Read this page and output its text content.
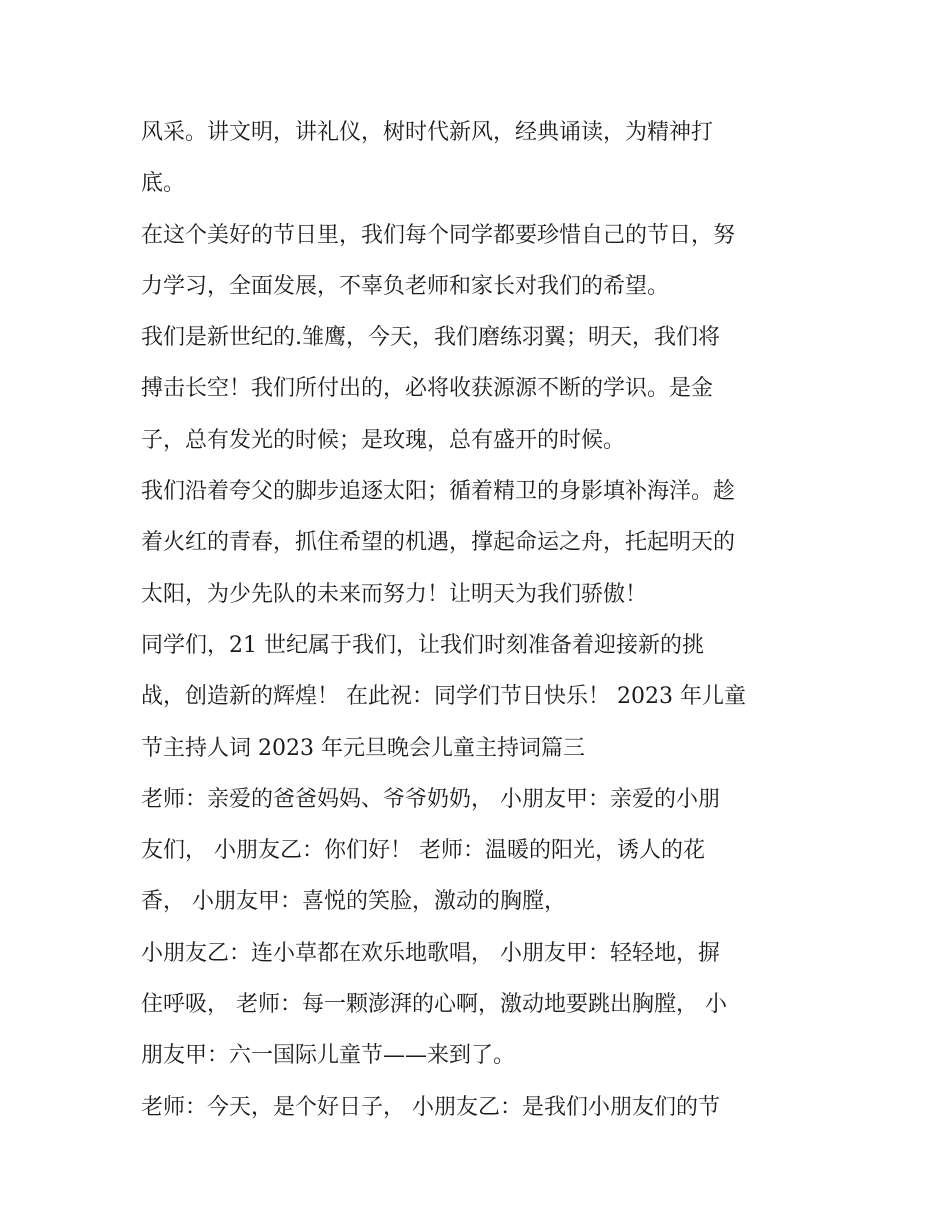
风采。讲文明，讲礼仪，树时代新风，经典诵读，为精神打
底。
在这个美好的节日里，我们每个同学都要珍惜自己的节日，努
力学习，全面发展，不辜负老师和家长对我们的希望。
我们是新世纪的.雏鹰，今天，我们磨练羽翼；明天，我们将
搏击长空！我们所付出的，必将收获源源不断的学识。是金
子，总有发光的时候；是玫瑰，总有盛开的时候。
我们沿着夸父的脚步追逐太阳；循着精卫的身影填补海洋。趁
着火红的青春，抓住希望的机遇，撑起命运之舟，托起明天的
太阳，为少先队的未来而努力！让明天为我们骄傲！
同学们，21 世纪属于我们，让我们时刻准备着迎接新的挑
战，创造新的辉煌！ 在此祝：同学们节日快乐！ 2023 年儿童
节主持人词 2023 年元旦晚会儿童主持词篇三
老师：亲爱的爸爸妈妈、爷爷奶奶， 小朋友甲：亲爱的小朋
友们， 小朋友乙：你们好！ 老师：温暖的阳光，诱人的花
香， 小朋友甲：喜悦的笑脸，激动的胸膛，
小朋友乙：连小草都在欢乐地歌唱， 小朋友甲：轻轻地，摒
住呼吸， 老师：每一颗澎湃的心啊，激动地要跳出胸膛， 小
朋友甲：六一国际儿童节——来到了。
老师：今天，是个好日子， 小朋友乙：是我们小朋友们的节
